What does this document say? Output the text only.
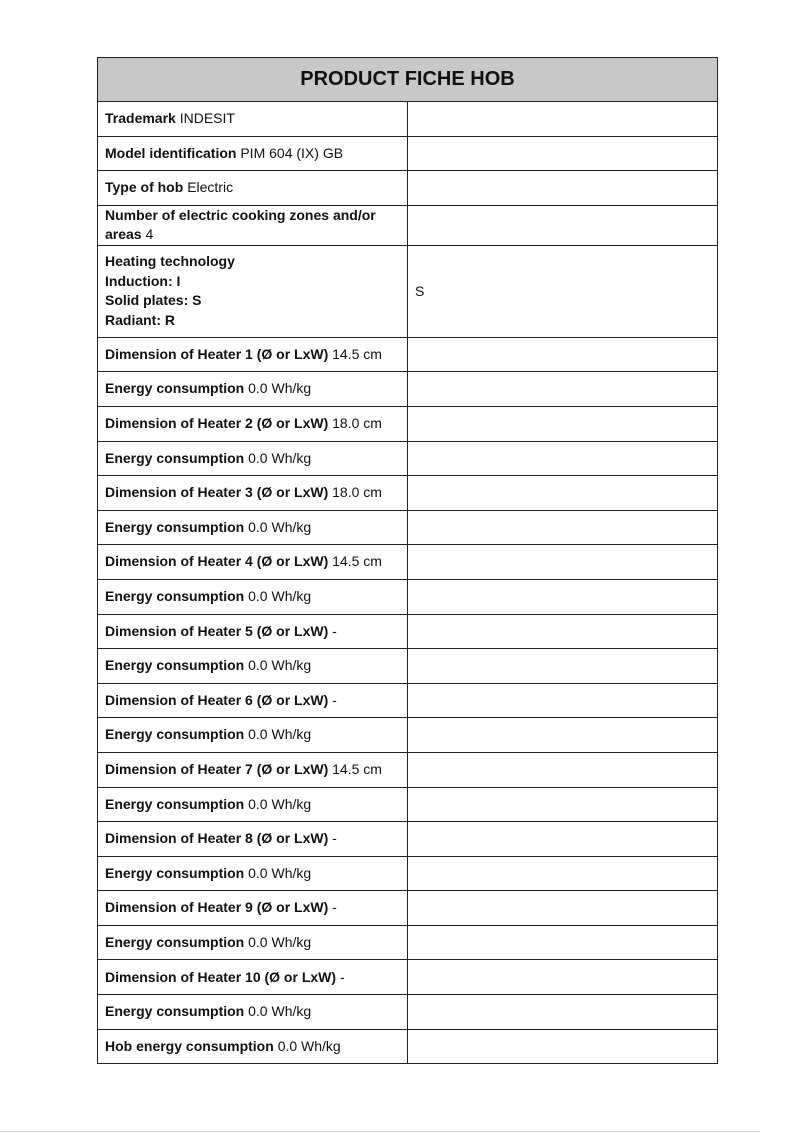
PRODUCT FICHE HOB	
Trademark INDESIT	
Model identification PIM 604 (IX) GB	
Type of hob Electric	
Number of electric cooking zones and/or areas 4	

Heating technology
Induction: I
Solid plates: S
Radiant: R	S
Dimension of Heater 1 (Ø or LxW) 14.5 cm	
Energy consumption 0.0 Wh/kg	
Dimension of Heater 2 (Ø or LxW) 18.0 cm	
Energy consumption 0.0 Wh/kg	
Dimension of Heater 3 (Ø or LxW) 18.0 cm	
Energy consumption 0.0 Wh/kg	
Dimension of Heater 4 (Ø or LxW) 14.5 cm	
Energy consumption 0.0 Wh/kg	
Dimension of Heater 5 (Ø or LxW) -	
Energy consumption 0.0 Wh/kg	
Dimension of Heater 6 (Ø or LxW) -	
Energy consumption 0.0 Wh/kg	
Dimension of Heater 7 (Ø or LxW) 14.5 cm	
Energy consumption 0.0 Wh/kg	
Dimension of Heater 8 (Ø or LxW) -	
Energy consumption 0.0 Wh/kg	
Dimension of Heater 9 (Ø or LxW) -	
Energy consumption 0.0 Wh/kg	
Dimension of Heater 10 (Ø or LxW) -	
Energy consumption 0.0 Wh/kg	
Hob energy consumption 0.0 Wh/kg	
